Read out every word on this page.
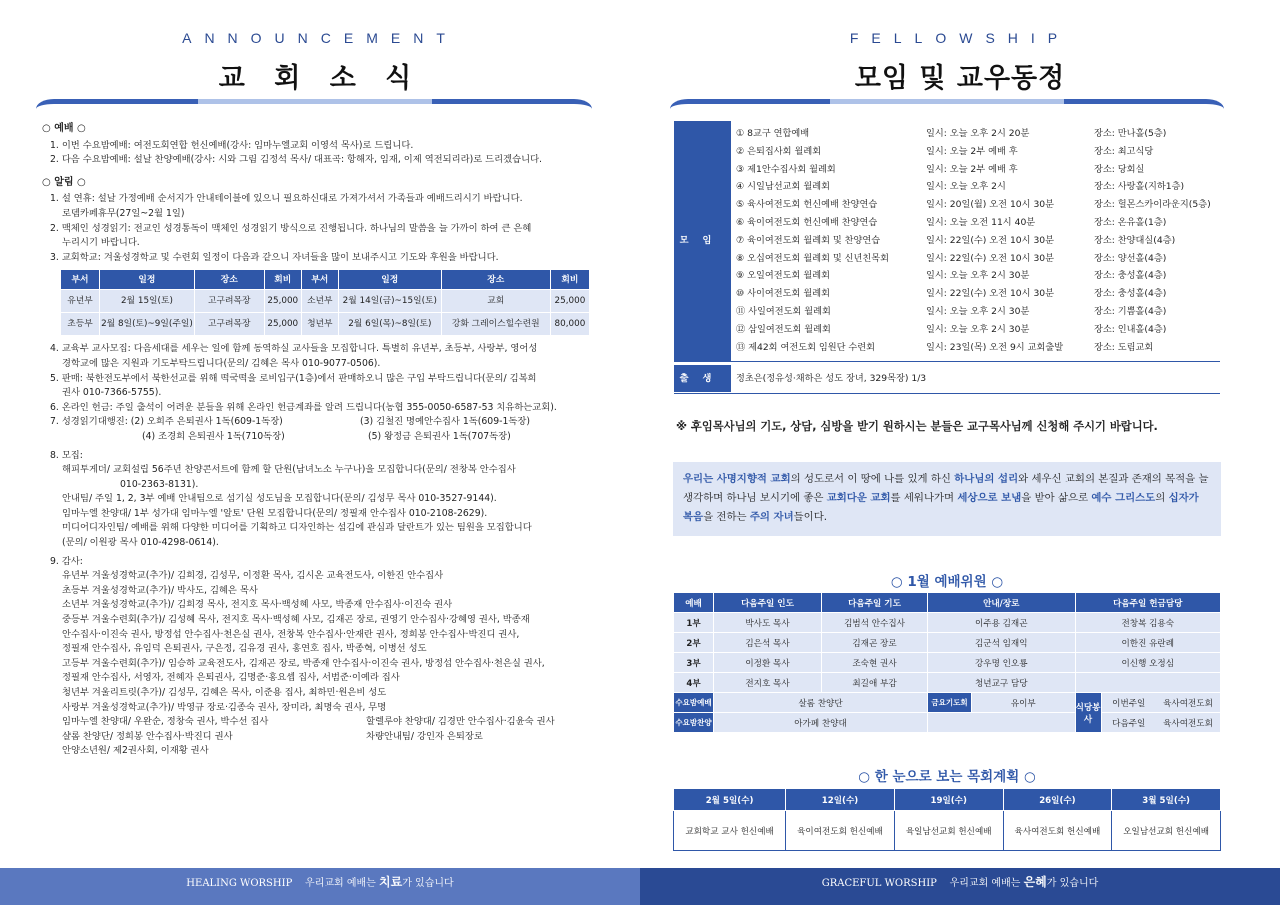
ANNOUNCEMENT
교 회 소 식
○ 예배 ○
1. 이번 수요밤예배: 여전도회연합 헌신예배(강사: 임마누엘교회 이영석 목사)로 드립니다.
2. 다음 수요밤예배: 설날 찬양예배(강사: 시와 그림 김정석 목사/ 대표곡: 항해자, 임재, 이제 역전되리라)로 드리겠습니다.
○ 알림 ○
1. 설 연휴: 설날 가정예배 순서지가 안내테이블에 있으니 필요하신대로 가져가셔서 가족들과 예배드리시기 바랍니다.
로뎀카페휴무(27일~2월 1일)
2. 맥체인 성경읽기: 전교인 성경통독이 맥체인 성경읽기 방식으로 진행됩니다. 하나님의 말씀을 늘 가까이 하여 큰 은혜
누리시기 바랍니다.
3. 교회학교: 겨울성경학교 및 수련회 일정이 다음과 같으니 자녀들을 많이 보내주시고 기도와 후원을 바랍니다.
부서	일정	장소	회비	부서	일정	장소	회비
유년부	2월 15일(토)	고구려목장	25,000	소년부	2월 14일(금)~15일(토)	교회	25,000
초등부	2월 8일(토)~9일(주일)	고구려목장	25,000	청년부	2월 6일(목)~8일(토)	강화 그레이스힐수련원	80,000
4. 교육부 교사모집: 다음세대를 세우는 일에 함께 동역하실 교사들을 모집합니다. 특별히 유년부, 초등부, 사랑부, 영어성
경학교에 많은 지원과 기도부탁드립니다(문의/ 김혜은 목사 010-9077-0506).
5. 판매: 북한전도부에서 북한선교를 위해 떡국떡을 로비입구(1층)에서 판매하오니 많은 구입 부탁드립니다(문의/ 김복희
권사 010-7366-5755).
6. 온라인 헌금: 주일 출석이 어려운 분들을 위해 온라인 헌금계좌를 알려 드립니다(농협 355-0050-6587-53 치유하는교회).
7. 성경읽기대행진: (2) 오희주 은퇴권사 1독(609-1독장)	(3) 김철진 명예안수집사 1독(609-1독장)
(4) 조경희 은퇴권사 1독(710독장)	(5) 왕정금 은퇴권사 1독(707독장)
8. 모집:
해피투게더/ 교회설립 56주년 찬양콘서트에 함께 할 단원(남녀노소 누구나)을 모집합니다(문의/ 전창복 안수집사
010-2363-8131).
안내팀/ 주일 1, 2, 3부 예배 안내팀으로 섬기실 성도님을 모집합니다(문의/ 김성무 목사 010-3527-9144).
임마누엘 찬양대/ 1부 성가대 임마누엘 '알토' 단원 모집합니다(문의/ 정필재 안수집사 010-2108-2629).
미디어디자인팀/ 예배를 위해 다양한 미디어를 기획하고 디자인하는 섬김에 관심과 달란트가 있는 팀원을 모집합니다
(문의/ 이원광 목사 010-4298-0614).
9. 감사:
유년부 겨울성경학교(추가)/ 김희경, 김성무, 이정환 목사, 김시온 교육전도사, 이한진 안수집사
초등부 겨울성경학교(추가)/ 박사도, 김혜은 목사
소년부 겨울성경학교(추가)/ 김희경 목사, 전지호 목사·백성혜 사모, 박종재 안수집사·이진숙 권사
중등부 겨울수련회(추가)/ 김성혜 목사, 전지호 목사·백성혜 사모, 김재곤 장로, 권영기 안수집사·강혜영 권사, 박종재
안수집사·이진숙 권사, 방정섭 안수집사·천은실 권사, 전창복 안수집사·안재란 권사, 정희봉 안수집사·박진디 권사,
정필재 안수집사, 유임덕 은퇴권사, 구은정, 김유경 권사, 홍연호 집사, 박종혁, 이병선 성도
고등부 겨울수련회(추가)/ 임승하 교육전도사, 김재곤 장로, 박종재 안수집사·이진숙 권사, 방정섭 안수집사·천은실 권사,
정필재 안수집사, 서영자, 전혜자 은퇴권사, 김명준·홍요셉 집사, 서범준·이예라 집사
청년부 겨울리트릿(추가)/ 김성무, 김혜은 목사, 이준용 집사, 최하민·원은비 성도
사랑부 겨울성경학교(추가)/ 박영규 장로·김종숙 권사, 장미라, 최명숙 권사, 무명
임마누엘 찬양대/ 우완순, 정창숙 권사, 박수선 집사	할렐루야 찬양대/ 김경만 안수집사·김윤숙 권사
샬롬 찬양단/ 정희봉 안수집사·박진디 권사	차량안내팀/ 강인자 은퇴장로
안양소년원/ 제2권사회, 이재황 권사
HEALING WORSHIP 우리교회 예배는 치료가 있습니다
FELLOWSHIP
모임 및 교우동정
모임
① 8교구 연합예배	일시: 오늘 오후 2시 20분	장소: 만나홀(5층)
② 은퇴집사회 월례회	일시: 오늘 2부 예배 후	장소: 최고식당
③ 제1안수집사회 월례회	일시: 오늘 2부 예배 후	장소: 당회실
④ 시일남선교회 월례회	일시: 오늘 오후 2시	장소: 사랑홀(지하1층)
⑤ 육사여전도회 헌신예배 찬양연습	일시: 20일(월) 오전 10시 30분	장소: 헐몬스카이라운지(5층)
⑥ 육이여전도회 헌신예배 찬양연습	일시: 오늘 오전 11시 40분	장소: 온유홀(1층)
⑦ 육이여전도회 월례회 및 찬양연습	일시: 22일(수) 오전 10시 30분	장소: 찬양대실(4층)
⑧ 오십여전도회 월례회 및 신년친목회	일시: 22일(수) 오전 10시 30분	장소: 양선홀(4층)
⑨ 오일여전도회 월례회	일시: 오늘 오후 2시 30분	장소: 충성홀(4층)
⑩ 사이여전도회 월례회	일시: 22일(수) 오전 10시 30분	장소: 충성홀(4층)
⑪ 사일여전도회 월례회	일시: 오늘 오후 2시 30분	장소: 기쁨홀(4층)
⑫ 삼일여전도회 월례회	일시: 오늘 오후 2시 30분	장소: 인내홀(4층)
⑬ 제42회 여전도회 임원단 수련회	일시: 23일(목) 오전 9시 교회출발	장소: 도림교회
출생	정초은(정유성·채하은 성도 장녀, 329목장) 1/3
※ 후임목사님의 기도, 상담, 심방을 받기 원하시는 분들은 교구목사님께 신청해 주시기 바랍니다.
우리는 사명지향적 교회의 성도로서 이 땅에 나를 있게 하신 하나님의 섭리와 세우신 교회의 본질과 존재의 목적을 늘 생각하며 하나님 보시기에 좋은 교회다운 교회를 세워나가며 세상으로 보냄을 받아 삶으로 예수 그리스도의 십자가 복음을 전하는 주의 자녀들이다.
○ 1월 예배위원 ○
예배	다음주일 인도	다음주일 기도	안내/장로		다음주일 헌금담당	
1부	박사도 목사	김범석 안수집사	이주용 김재곤		전창복 김용숙	
2부	김은석 목사	김재곤 장로	김군석 임재익		이한진 유란례	
3부	이정환 목사	조숙현 권사	강우명 인오룡		이신행 오정심	
4부	전지호 목사	최길애 부감	청년교구 담당			
수요밤예배	살롬 찬양단		금요기도회	유이부	식당봉사	이번주일 육사여전도회
수요밤찬양	아가페 찬양대					다음주일 육사여전도회
○ 한 눈으로 보는 목회계획 ○
2월 5일(수)	12일(수)	19일(수)	26일(수)	3월 5일(수)
교회학교 교사 헌신예배	육이여전도회 헌신예배	육일남선교회 헌신예배	육사여전도회 헌신예배	오일남선교회 헌신예배
GRACEFUL WORSHIP 우리교회 예배는 은혜가 있습니다
